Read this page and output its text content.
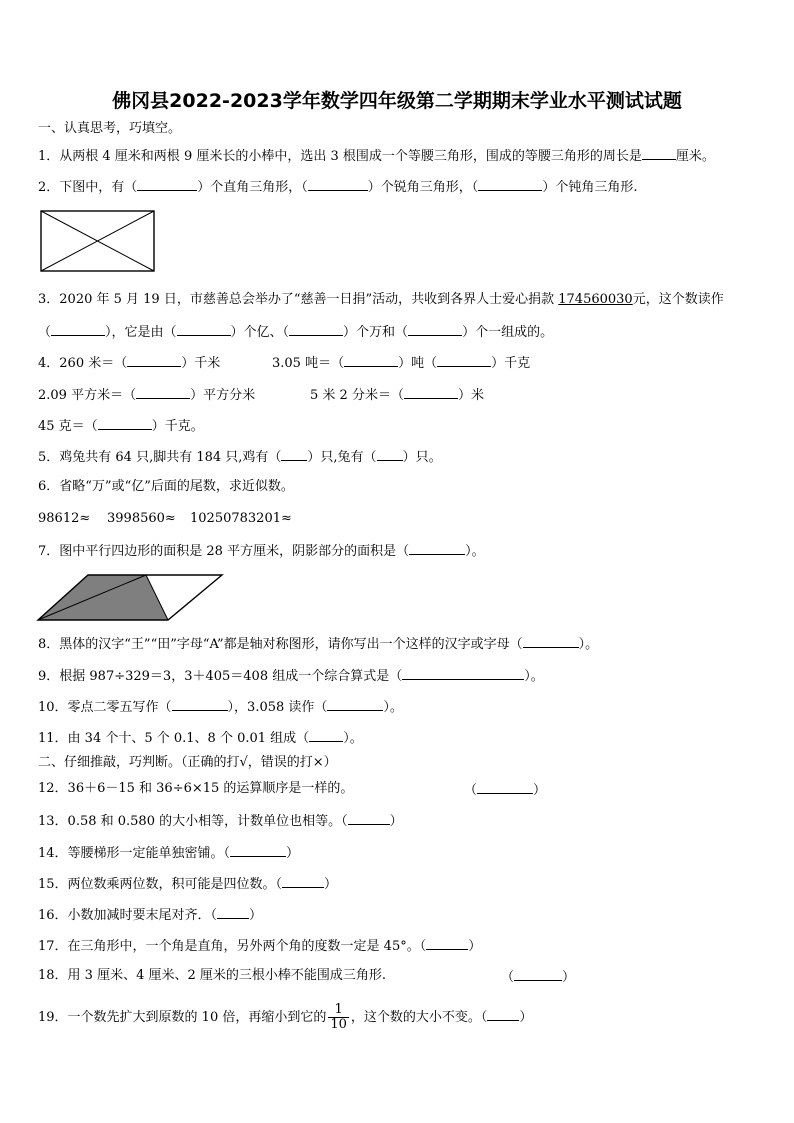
佛冈县2022-2023学年数学四年级第二学期期末学业水平测试试题
一、认真思考，巧填空。
1．从两根 4 厘米和两根 9 厘米长的小棒中，选出 3 根围成一个等腰三角形，围成的等腰三角形的周长是	厘米。
2．下图中，有（	）个直角三角形，（	）个锐角三角形，（	）个钝角三角形.
3．2020 年 5 月 19 日，市慈善总会举办了“慈善一日捐”活动，共收到各界人士爱心捐款 174560030元，这个数读作
（	），它是由（	）个亿、（	）个万和（	）个一组成的。
4．260 米＝（	）千米	3.05 吨＝（	）吨（	）千克
2.09 平方米＝（	）平方分米	5 米 2 分米＝（	）米
45 克＝（	）千克。
5．鸡兔共有 64 只,脚共有 184 只,鸡有（ ）只,兔有（ ）只。
6．省略“万”或“亿”后面的尾数，求近似数。
98612≈ 3998560≈ 10250783201≈
7．图中平行四边形的面积是 28 平方厘米，阴影部分的面积是（	）。
8．黑体的汉字“王”“田”字母“A”都是轴对称图形，请你写出一个这样的汉字或字母（	）。
9．根据 987÷329＝3，3＋405＝408 组成一个综合算式是（	）。
10．零点二零五写作（	），3.058 读作（	）。
11．由 34 个十、5 个 0.1、8 个 0.01 组成（	）。
二、仔细推敲，巧判断。（正确的打√，错误的打×）
12．36＋6－15 和 36÷6×15 的运算顺序是一样的。	（	）
13．0.58 和 0.580 的大小相等，计数单位也相等。（	）
14．等腰梯形一定能单独密铺。（	）
15．两位数乘两位数，积可能是四位数。（	）
16．小数加减时要末尾对齐．（ ）
17．在三角形中，一个角是直角，另外两个角的度数一定是 45°。（	）
18．用 3 厘米、4 厘米、2 厘米的三根小棒不能围成三角形.	（	）
19．一个数先扩大到原数的 10 倍，再缩小到它的 $\frac{1}{10}$ ，这个数的大小不变。（ ）
